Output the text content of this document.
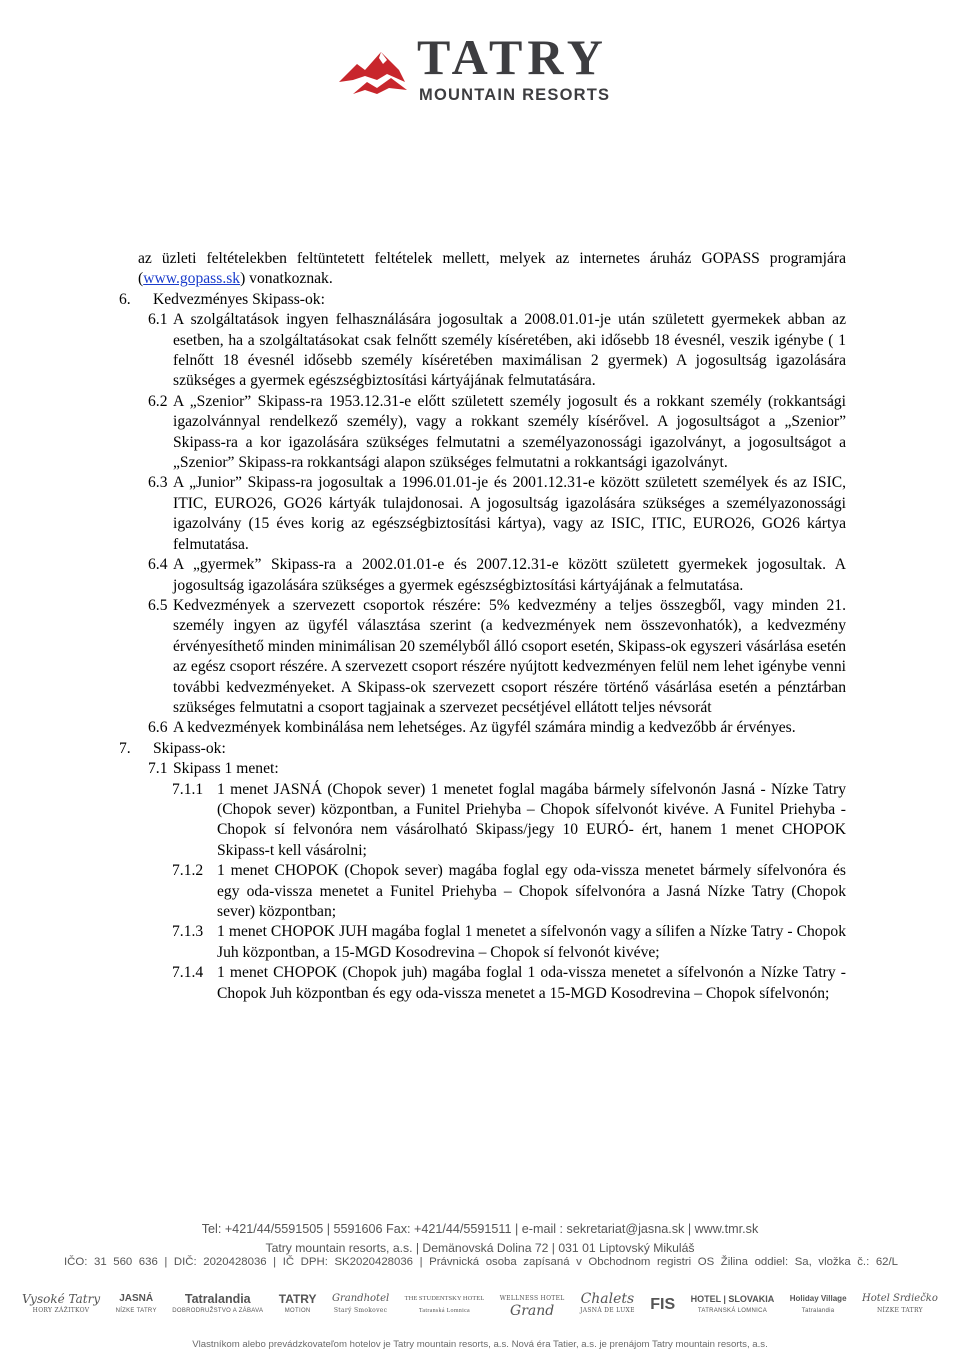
TATRY
MOUNTAIN RESORTS

az üzleti feltételekben feltüntetett feltételek mellett, melyek az internetes áruház GOPASS programjára (www.gopass.sk) vonatkoznak.

6.	Kedvezményes Skipass-ok:
6.1 A szolgáltatások ingyen felhasználására jogosultak a 2008.01.01-je után született gyermekek abban az esetben, ha a szolgáltatásokat csak felnőtt személy kíséretében, aki idősebb 18 évesnél, veszik igénybe ( 1 felnőtt 18 évesnél idősebb személy kíséretében maximálisan 2 gyermek) A jogosultság igazolására szükséges a gyermek egészségbiztosítási kártyájának felmutatására.
6.2 A „Szenior” Skipass-ra 1953.12.31-e előtt született személy jogosult és a rokkant személy (rokkantsági igazolvánnyal rendelkező személy), vagy a rokkant személy kísérővel. A jogosultságot a „Szenior” Skipass-ra a kor igazolására szükséges felmutatni a személyazonossági igazolványt, a jogosultságot a „Szenior” Skipass-ra rokkantsági alapon szükséges felmutatni a rokkantsági igazolványt.
6.3 A „Junior” Skipass-ra jogosultak a 1996.01.01-je és 2001.12.31-e között született személyek és az ISIC, ITIC, EURO26, GO26 kártyák tulajdonosai. A jogosultság igazolására szükséges a személyazonossági igazolvány (15 éves korig az egészségbiztosítási kártya), vagy az ISIC, ITIC, EURO26, GO26 kártya felmutatása.
6.4 A „gyermek” Skipass-ra a 2002.01.01-e és 2007.12.31-e között született gyermekek jogosultak. A jogosultság igazolására szükséges a gyermek egészségbiztosítási kártyájának a felmutatása.
6.5 Kedvezmények a szervezett csoportok részére: 5% kedvezmény a teljes összegből, vagy minden 21. személy ingyen az ügyfél választása szerint (a kedvezmények nem összevonhatók), a kedvezmény érvényesíthető minden minimálisan 20 személyből álló csoport esetén, Skipass-ok egyszeri vásárlása esetén az egész csoport részére. A szervezett csoport részére nyújtott kedvezményen felül nem lehet igénybe venni további kedvezményeket. A Skipass-ok szervezett csoport részére történő vásárlása esetén a pénztárban szükséges felmutatni a csoport tagjainak a szervezet pecsétjével ellátott teljes névsorát
6.6 A kedvezmények kombinálása nem lehetséges. Az ügyfél számára mindig a kedvezőbb ár érvényes.
7.	Skipass-ok:
7.1 Skipass 1 menet:
7.1.1 1 menet JASNÁ (Chopok sever) 1 menetet foglal magába bármely sífelvonón Jasná - Nízke Tatry (Chopok sever) központban, a Funitel Priehyba – Chopok sífelvonót kivéve. A Funitel Priehyba - Chopok sí felvonóra nem vásárolható Skipass/jegy 10 EURÓ- ért, hanem 1 menet CHOPOK Skipass-t kell vásárolni;
7.1.2 1 menet CHOPOK (Chopok sever) magába foglal egy oda-vissza menetet bármely sífelvonóra és egy oda-vissza menetet a Funitel Priehyba – Chopok sífelvonóra a Jasná Nízke Tatry (Chopok sever) központban;
7.1.3 1 menet CHOPOK JUH magába foglal 1 menetet a sífelvonón vagy a sílifen a Nízke Tatry - Chopok Juh központban, a 15-MGD Kosodrevina – Chopok sí felvonót kivéve;
7.1.4 1 menet CHOPOK (Chopok juh) magába foglal 1 oda-vissza menetet a sífelvonón a Nízke Tatry - Chopok Juh központban és egy oda-vissza menetet a 15-MGD Kosodrevina – Chopok sífelvonón;
Tel: +421/44/5591505 | 5591606 Fax: +421/44/5591511 | e-mail : sekretariat@jasna.sk | www.tmr.sk
Tatry mountain resorts, a.s. | Demänovská Dolina 72 | 031 01 Liptovský Mikuláš
IČO: 31 560 636 | DIČ: 2020428036 | IČ DPH: SK2020428036 | Právnická osoba zapísaná v Obchodnom registri OS Žilina oddiel: Sa, vložka č.: 62/L
Vysoké Tatry
HORY ZÁŽITKOV
JASNÁ
NÍZKE TATRY
Tatralandia
DOBRODRUŽSTVO A ZÁBAVA
TATRY
MOTION
Grandhotel
Starý Smokovec
THE STUDENTSKY HOTEL
Tatranská Lomnica
WELLNESS HOTEL
Grand
Chalets
JASNÁ DE LUXE FIS HOTEL | SLOVAKIA
TATRANSKÁ LOMNICA
Holiday Village
Tatralandia
Hotel Srdiečko
NÍZKE TATRY
Vlastníkom alebo prevádzkovateľom hotelov je Tatry mountain resorts, a.s. Nová éra Tatier, a.s. je prenájom Tatry mountain resorts, a.s.
